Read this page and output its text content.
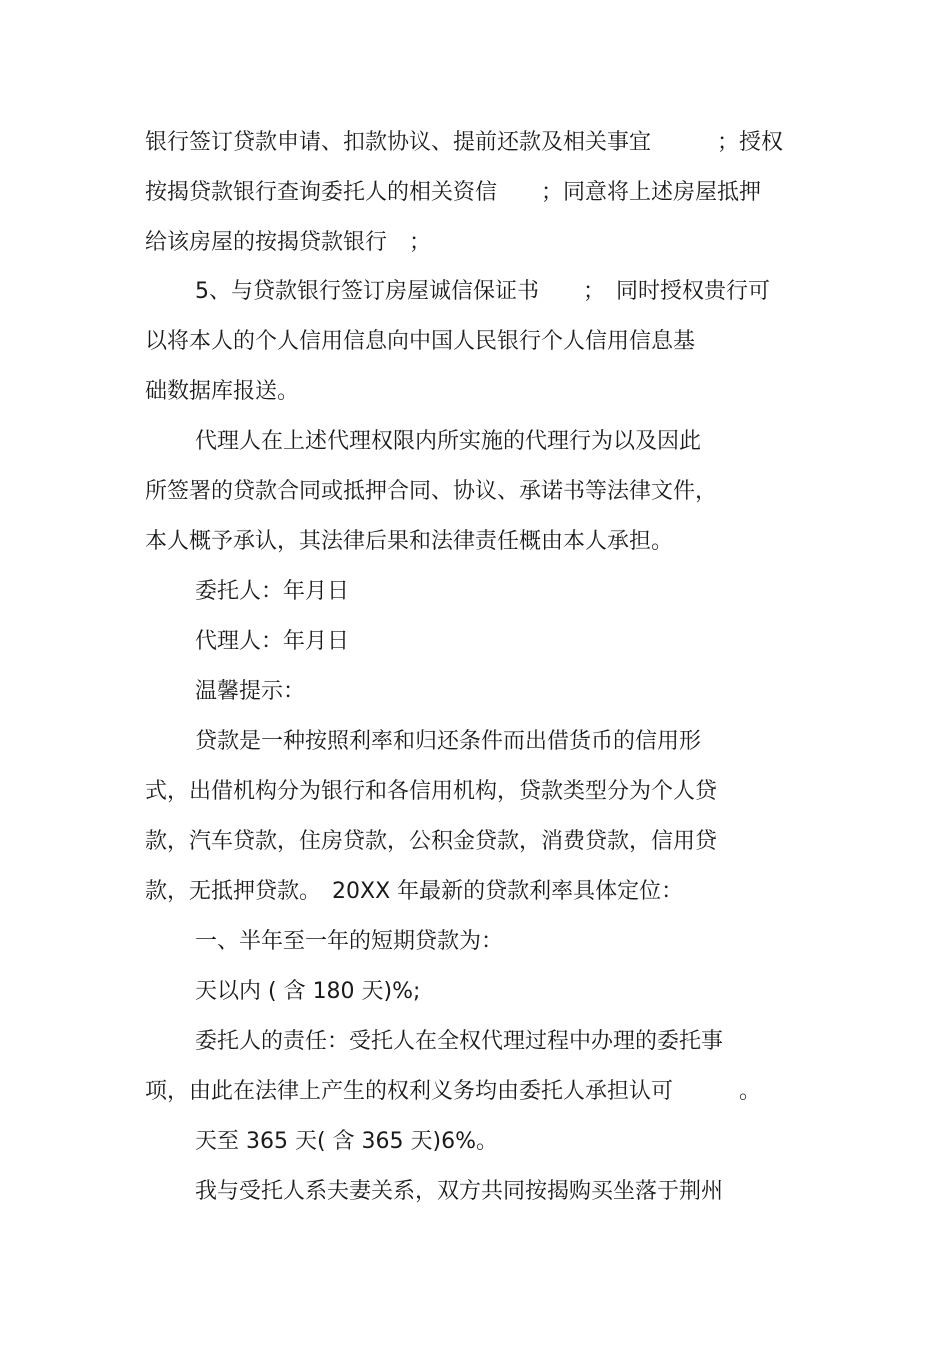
银行签订贷款申请、扣款协议、提前还款及相关事宜　　　；授权
按揭贷款银行查询委托人的相关资信　　；同意将上述房屋抵押
给该房屋的按揭贷款银行　；
5、与贷款银行签订房屋诚信保证书　　；　同时授权贵行可
以将本人的个人信用信息向中国人民银行个人信用信息基
础数据库报送。
代理人在上述代理权限内所实施的代理行为以及因此
所签署的贷款合同或抵押合同、协议、承诺书等法律文件，
本人概予承认，其法律后果和法律责任概由本人承担。
委托人：年月日
代理人：年月日
温馨提示：
贷款是一种按照利率和归还条件而出借货币的信用形
式，出借机构分为银行和各信用机构，贷款类型分为个人贷
款，汽车贷款，住房贷款，公积金贷款，消费贷款，信用贷
款，无抵押贷款。　20XX 年最新的贷款利率具体定位：
一、半年至一年的短期贷款为：
天以内 ( 含 180 天)%;
委托人的责任：受托人在全权代理过程中办理的委托事
项，由此在法律上产生的权利义务均由委托人承担认可　　　。
天至 365 天( 含 365 天)6%。
我与受托人系夫妻关系，双方共同按揭购买坐落于荆州
